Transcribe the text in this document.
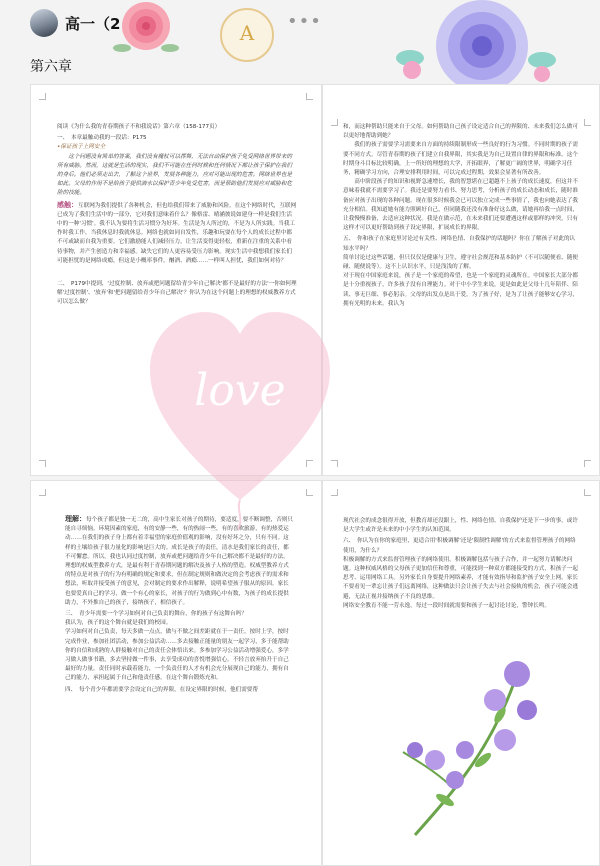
高一（2	•••
A
第六章

阅读《为什么我的青春期孩子不和我说话》第六章（158-177页）

一、　本章最触动我的一段话：P175

•保证孩子上网安全

这个问题没有简单的答案，我们没有魔杖可以挥舞，无法自动保护孩子免受网络世界带来的所有威胁。然而，这就是生活的现实，我们不可能在任何时候和任何情况下都让孩子保护在我们的身后。他们必须走出去，了解这个世界，发展各种能力，应对可能出现的危害。网络世界也是如此。父母的作用不是给孩子提供滴水以保护青少年免受危害，而是帮助他们发展应对威胁和危险的技能。

感触：互联网为我们提供了各种机会，但也给我们带来了威胁和风险。在这个网络时代，互联网已成为了我们生活中的一部分，它对我们意味着什么？像格雷、晴涵彼说如建身一样是我们生活中的一种'习惯'。我不认为要将生活习惯分为好坏。生活是为人所过的，不是为人所实践。当我工作时我工作，当我休息时我就休息。网络也就如同自发性，乐趣和玩耍在每个人的成长过程中都不可或缺而自我为重要。它们激励能人们减轻压力，让生活变得更轻松，重新在注重的关系中看待事物，并产生创造力和幸福感。缺失它们的人更容易受压力影响。现实生活中我想我们家长们可能担忧的是网络成瘾，但这是小概率事件。酗酒、酒瘾……一样叫人担忧，我们如何对待？

二、　P179中提到，'过度控制、放弃或把问题留给青少年自己解决'都不是最好的方法'一你如何理解'过度控制'、'放弃'和'把问题留给青少年自己解决'？你认为在这个问题上的理想的权威教养方式可以怎么做？

和，而这种帮助只能来自于父母。如何帮助自己孩子设定适合自己的界限的、未来我们怎么做可以更好地帮助到她？

我们的孩子需要学习需要来自方面的持续限制形成一些良好的行为习惯。不同时期的孩子需要不同方式。尽管青春期的孩子们建立自我界限，其实我是为自己设置自律的界限和标准。这个时期身斗目标比较明确，上一所好的理想的大学，开拓眼界，了解更广阔的世界，明确学习任务，精确学习方向，合理安排利用时间，可以完成过程期，效果会显著有所改善。

高中阶段孩子的知识和视野急速增长，我的智慧堪在已超越不上孩子的成长速度，但这并不意味着我就不需要学习了。我还是要努力看书、努力思考，分析孩子的成长动态和成长，随时准备应对孩子出现的各种问题。现在很多时候我会已可以独立完成一些事情了，我也向她表达了我充分相信。我知道她有能力照顾好自己，但同随我还没有准备好这么做，请她再给我一点时间，让我慢慢准备，去适应这种状况。我是在做示范，在未来我们还要遭遇这样或那样的冲突，只有这样才可以更好帮助到孩子设定界限，扩展成长的界限。

五、　你和孩子在家庭里讨论过有关性、网络色情、自我保护的话题吗？你在了解孩子对此的认知水平吗？

简单讨论过这些话题，但只仅仅是健康与卫生，遵守社会规范和基本防护（不可以随便看、随便碰、随便说等）。这不上认识水平，只是浅浅的了解。

对于现在中国家庭来说，孩子是一个家庭的希望，也是一个家庭的灵魂所在。中国家长大部分都是十分重视孩子，许多孩子没有自理能力。对于中小学生来说，更是如此是父母十几年陪伴、陪读、事无巨细、事必躬亲。父母的出发点是出于爱，为了孩子好，是为了让孩子能够安心学习，拥有光明的未来。我认为

理解：每个孩子都是独一无二的，高中生家长对孩子的期待，要适度，要不断调整，否则只能自寻烦恼。环境因素的家庭，有的安静一些，有的热闹一些，有的喜欢旅游，有的热爱运动……在我们的孩子身上都有着幸福望的家庭价值观的影响，没有好坏之分，只有不同。这样的土壤给孩子很力量化的影响是巨大的。成长是孩子的责任，清水是我们家长的责任，都不可懈怠。所以，我也认同过度控制，放弃或把问题给青少年自己解决都不是最好的方法。

理想的权威型教养方式，是最有利于青春期问题的解决及孩子人格的塑造。权威型教养方式的特点是对孩子的行为有明确的规定和要求，但在制定规则和做决定的会考虑孩子的需求和想法，听取并接受孩子的意见，会对制定的要求作出解释，说明希望孩子服从的原因。家长也要爱真自己的学习，做一个有心的家长，对孩子的行为做到心中有数，为孩子的成长提供助力，不外推自己的孩子，接纳孩子，相信孩子。

三、　青少年需要一个学习如何对自己负责的舞台，你的孩子有这舞台吗？

我认为，孩子的这个舞台就是我们的校园。

学习如何对自己负责，每天多做一点点，做与不做之间差距就在于一责任。按时上学，按时完成作业，参加社团活动，参加公益活动……多去接触正能量的朋友一起学习，多于能帮助你的自信和成熟的人群接触对自己的责任会体悟出来。多参加学习公益活动增强爱心，多学习做人做事书籍，多去坚持做一件事，去享受成功的喜悦增强信心。不轻言放弃抬升于自己最好的力量。责任同时承载着能力，一个负责任的人才有机会充分展现自己的能力，拥有自己的能力，承担起属于自己和他责任感，在这个舞台锻炼充和。

四、　每个青少年都需要学会设定自己的界限，在设定界限的时候，他们需要帮

现代社会的成念很得开放，但教育却还没跟上，性、网络色情、自我保护还是下一步的事，或许是大学生或许是未来的中小学生的认知范围。

六、　你认为在你的家庭里，更适合用'积极调解'还是'限制性调解'的方式来监督管理孩子的网络使用，为什么？

积极调解的方式来监督管理孩子的网络使用。积极调解包括与孩子合作，并一起努力请解决问题。这种权威风格的父母孩子更加信任和尊重，可能找到一种双方都能接受的方式，积孩子一起思考、运用网络工具。另外家长自身要提升网络素养，才能有效指导和监护孩子安全上网。家长不要看见一辈忘让孩子们远离网络，这种做法只会让孩子失去与社会接轨的机会，孩子可能会逃避，无法正视并接纳孩子不良的思维。

网络安全教育不能一劳永逸，每过一段时间就需要和孩子一起讨论讨论，警钟长鸣。

love
